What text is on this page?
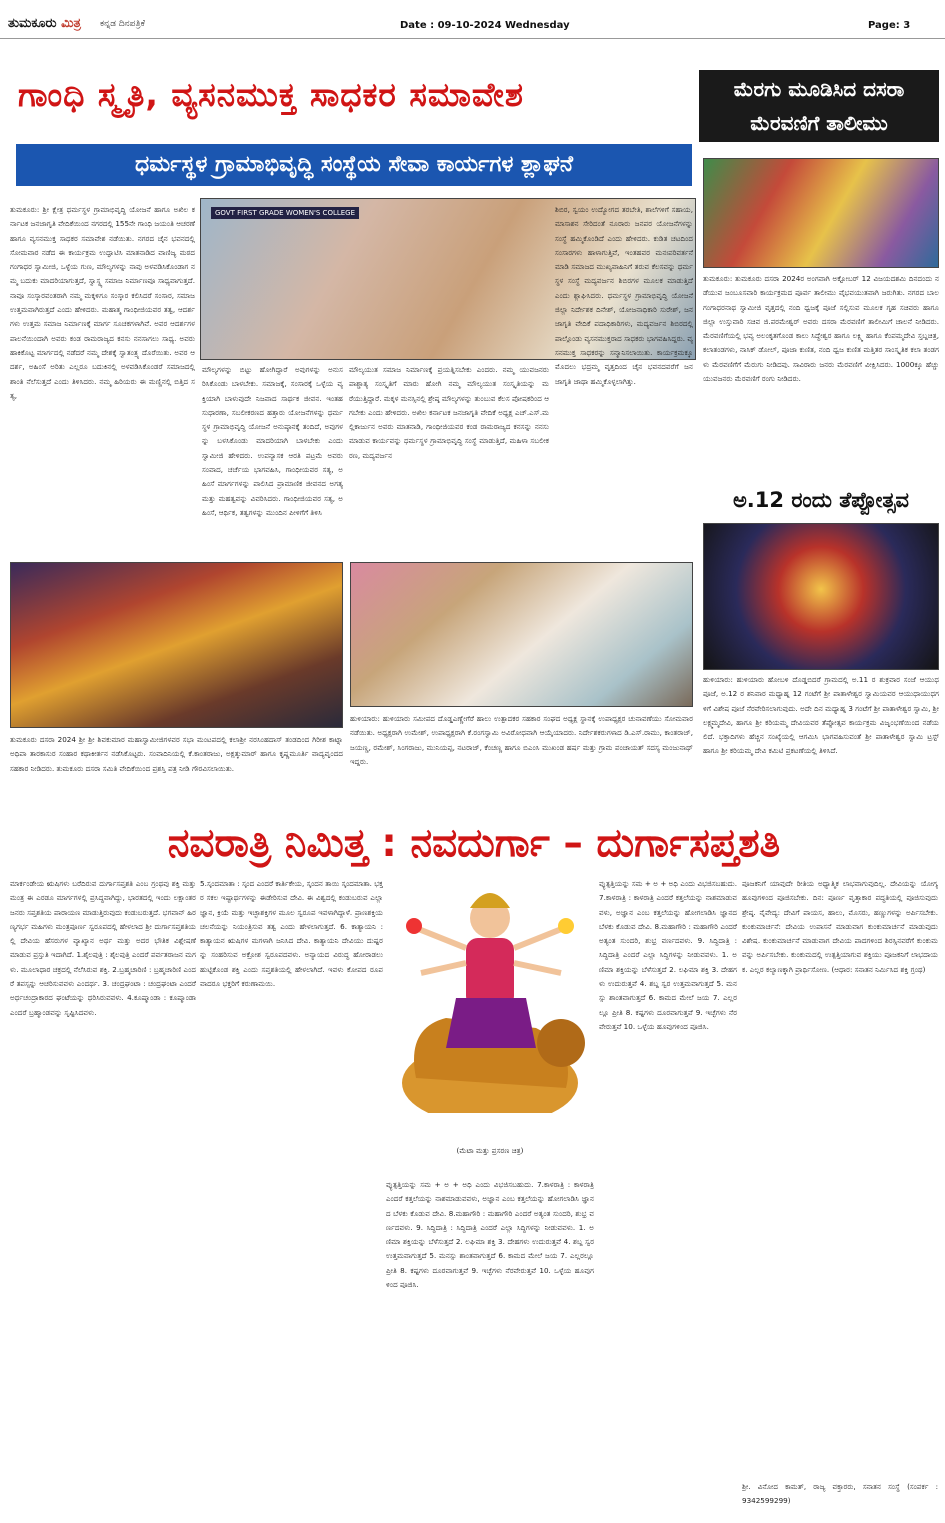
ತುಮಕೂರು ಮಿತ್ರ ಕನ್ನಡ ದಿನಪತ್ರಿಕೆ	Date : 09-10-2024 Wednesday	Page: 3
ಗಾಂಧಿ ಸ್ಮೃತಿ, ವ್ಯಸನಮುಕ್ತ ಸಾಧಕರ ಸಮಾವೇಶ
ಧರ್ಮಸ್ಥಳ ಗ್ರಾಮಾಭಿವೃದ್ಧಿ ಸಂಸ್ಥೆಯ ಸೇವಾ ಕಾರ್ಯಗಳ ಶ್ಲಾಘನೆ
ಮೆರಗು ಮೂಡಿಸಿದ ದಸರಾ
ಮೆರವಣಿಗೆ ತಾಲೀಮು
ತುಮಕೂರು: ಶ್ರೀ ಕ್ಷೇತ್ರ ಧರ್ಮಸ್ಥಳ ಗ್ರಾಮಾಭಿವೃದ್ಧಿ ಯೋಜನೆ ಹಾಗೂ ಅಖಿಲ ಕರ್ನಾಟಕ ಜನಜಾಗೃತಿ ವೇದಿಕೆಯಿಂದ ನಗರದಲ್ಲಿ 155ನೇ ಗಾಂಧಿ ಜಯಂತಿ ಆಚರಣೆ ಹಾಗೂ ವ್ಯಸನಮುಕ್ತ ಸಾಧಕರ ಸಮಾವೇಶ ನಡೆಯಿತು. ನಗರದ ಚೈನ ಭವನದಲ್ಲಿ ಸೋಮವಾರ ನಡೆದ ಈ ಕಾರ್ಯಕ್ರಮ ಉದ್ಘಾಟಿಸಿ ಮಾತನಾಡಿದ ವಾಣಿಜ್ಯ ಮಠದ ಗಂಗಾಧರ ಸ್ವಾಮೀಜಿ, ಒಳ್ಳೆಯ ಗುಣ, ಮೌಲ್ಯಗಳನ್ನು ನಾವು ಅಳವಡಿಸಿಕೊಂಡಾಗ ನಮ್ಮ ಬದುಕು ಮಾದರಿಯಾಗುತ್ತದೆ, ಸ್ವಾಸ್ಥ್ಯ ಸಮಾಜ ನಿರ್ಮಾಣವೂ ಸಾಧ್ಯವಾಗುತ್ತದೆ. ನಾವೂ ಸಂಸ್ಕಾರವಂತರಾಗಿ ನಮ್ಮ ಮಕ್ಕಳಿಗೂ ಸಂಸ್ಕಾರ ಕಲಿಸಿದರೆ ಸಂಸಾರ, ಸಮಾಜ ಉತ್ತಮವಾಗಿರುತ್ತದೆ ಎಂದು ಹೇಳಿದರು. ಮಹಾತ್ಮ ಗಾಂಧೀಜಿಯವರ ತತ್ವ, ಆದರ್ಶಗಳು ಉತ್ತಮ ಸಮಾಜ ನಿರ್ಮಾಣಕ್ಕೆ ಮಾರ್ಗ ಸೂಚಕಗಳಾಗಿವೆ. ಅವರ ಆದರ್ಶಗಳ ಪಾಲನೆಯಿಂದಾಗಿ ಅವರು ಕಂಡ ರಾಮರಾಜ್ಯದ ಕನಸು ನನಸಾಗಲು ಸಾಧ್ಯ. ಅವರು ಹಾಕಿಕೊಟ್ಟ ಮಾರ್ಗದಲ್ಲಿ ನಡೆದರೆ ನಮ್ಮ ದೇಶಕ್ಕೆ ಸ್ವಾತಂತ್ರ್ಯ ದೊರೆಯಿತು. ಅವರ ಆದರ್ಶ, ಅಹಿಂಸೆ ಅರಿತು ಎಲ್ಲರೂ ಬದುಕಿನಲ್ಲಿ ಅಳವಡಿಸಿಕೊಂಡರೆ ಸಮಾಜದಲ್ಲಿ ಶಾಂತಿ ನೆಲೆಸುತ್ತದೆ ಎಂದು ತಿಳಿಸಿದರು. ನಮ್ಮ ಹಿರಿಯರು ಈ ಮಣ್ಣಿನಲ್ಲಿ ಬಿತ್ತಿದ ಸತ್ಯ,
GOVT FIRST GRADE WOMEN'S COLLEGE
ಮೌಲ್ಯಗಳನ್ನು ಬಿಟ್ಟು ಹೋಗಿದ್ದಾರೆ ಅವುಗಳನ್ನು ಅನುಸರಿಸಿಕೊಂಡು ಬಾಳಬೇಕು. ಸಮಾಜಕ್ಕೆ, ಸಂಸಾರಕ್ಕೆ ಒಳ್ಳೆಯ ವ್ಯಕ್ತಿಯಾಗಿ ಬಾಳುವುದೇ ನಿಜವಾದ ಸಾರ್ಥಕ ಜೀವನ. ಇಂತಹ ಸುಧಾರಣಾ, ಸಬಲೀಕರಣದ ಹತ್ತಾರು ಯೋಜನೆಗಳನ್ನು ಧರ್ಮಸ್ಥಳ ಗ್ರಾಮಾಭಿವೃದ್ಧಿ ಯೋಜನೆ ಅನುಷ್ಠಾನಕ್ಕೆ ತಂದಿದೆ, ಅವುಗಳನ್ನು ಬಳಸಿಕೊಂಡು ಮಾದರಿಯಾಗಿ ಬಾಳಬೇಕು ಎಂದು ಸ್ವಾಮೀಜಿ ಹೇಳಿದರು. ಉಪನ್ಯಾಸಕ ಆರತಿ ಪಟ್ರಮೆ ಅವರು ಸಂವಾದ, ಚರ್ಚೆಯ ಭಾಗವಹಿಸಿ, ಗಾಂಧೀಯವರ ಸತ್ಯ, ಅಹಿಂಸೆ ಮಾರ್ಗಗಳನ್ನು ಪಾಲಿಸಿದ ಪ್ರಾಮಾಣಿಕ ಜೀವನದ ಅಗತ್ಯ ಮತ್ತು ಮಹತ್ವವನ್ನು ವಿವರಿಸಿದರು. ಗಾಂಧೀಜಿಯವರ ಸತ್ಯ, ಅಹಿಂಸೆ, ಆರ್ಥಿಕ, ತತ್ವಗಳನ್ನು ಮುಂದಿನ ಪೀಳಿಗೆಗೆ ತಿಳಿಸಿ
ಮೌಲ್ಯಯುತ ಸಮಾಜ ನಿರ್ಮಾಣಕ್ಕೆ ಪ್ರಯತ್ನಿಸಬೇಕು ಎಂದರು. ನಮ್ಮ ಯುವಜನರು ಪಾಶ್ಚಾತ್ಯ ಸಂಸ್ಕೃತಿಗೆ ಮಾರು ಹೋಗಿ ನಮ್ಮ ಮೌಲ್ಯಯುತ ಸಂಸ್ಕೃತಿಯನ್ನು ಮರೆಯುತ್ತಿದ್ದಾರೆ. ಮಕ್ಕಳ ಮನಸ್ಸಿನಲ್ಲಿ ಶ್ರೇಷ್ಠ ಮೌಲ್ಯಗಳನ್ನು ತುಂಬುವ ಕೆಲಸ ಪೋಷಕರಿಂದ ಆಗಬೇಕು ಎಂದು ಹೇಳಿದರು. ಅಖಿಲ ಕರ್ನಾಟಕ ಜನಜಾಗೃತಿ ವೇದಿಕೆ ಅಧ್ಯಕ್ಷ ಎಚ್.ಎಸ್.ಮಲ್ಲಿಕಾರ್ಜುನ ಅವರು ಮಾತನಾಡಿ, ಗಾಂಧೀಜಿಯವರ ಕಂಡ ರಾಮರಾಜ್ಯದ ಕನಸನ್ನು ನನಸು ಮಾಡುವ ಕಾರ್ಯವನ್ನು ಧರ್ಮಸ್ಥಳ ಗ್ರಾಮಾಭಿವೃದ್ಧಿ ಸಂಸ್ಥೆ ಮಾಡುತ್ತಿದೆ, ಮಹಿಳಾ ಸಬಲೀಕರಣ, ಮದ್ಯವರ್ಜನ
ಶಿಬಿರ, ಸ್ವಯಂ ಉದ್ಯೋಗದ ತರಬೇತಿ, ಶಾಲೆಗಳಿಗೆ ಸಹಾಯ, ಮಾಸಾಶನ ಸೇರಿದಂತೆ ನೂರಾರು ಜನಪರ ಯೋಜನೆಗಳನ್ನು ಸಂಸ್ಥೆ ಹಮ್ಮಿಕೊಂಡಿದೆ ಎಂದು ಹೇಳಿದರು. ಕುಡಿತ ಚಟದಿಂದ ಸಂಸಾರಗಳು ಹಾಳಾಗುತ್ತಿವೆ, ಇಂತಹವರ ಮನಃಪರಿವರ್ತನೆ ಮಾಡಿ ಸಮಾಜದ ಮುಖ್ಯವಾಹಿನಿಗೆ ತರುವ ಕೆಲಸವನ್ನು ಧರ್ಮಸ್ಥಳ ಸಂಸ್ಥೆ ಮದ್ಯವರ್ಜನ ಶಿಬಿರಗಳ ಮೂಲಕ ಮಾಡುತ್ತಿದೆ ಎಂದು ಶ್ಲಾಘಿಸಿದರು. ಧರ್ಮಸ್ಥಳ ಗ್ರಾಮಾಭಿವೃದ್ಧಿ ಯೋಜನೆ ಜಿಲ್ಲಾ ನಿರ್ದೇಶಕ ದಿನೇಶ್, ಯೋಜನಾಧಿಕಾರಿ ಸುರೇಶ್, ಜನಜಾಗೃತಿ ವೇದಿಕೆ ಪದಾಧಿಕಾರಿಗಳು, ಮದ್ಯವರ್ಜನ ಶಿಬಿರದಲ್ಲಿ ಪಾಲ್ಗೊಂಡು ವ್ಯಸನಮುಕ್ತರಾದ ಸಾಧಕರು ಭಾಗವಹಿಸಿದ್ದರು. ವ್ಯಸನಮುಕ್ತ ಸಾಧಕರನ್ನು ಸನ್ಮಾನಿಸಲಾಯಿತು. ಕಾರ್ಯಕ್ರಮಕ್ಕೂ ಮೊದಲು ಭದ್ರಮ್ಮ ವೃತ್ತದಿಂದ ಚೈನ ಭವನದವರೆಗೆ ಜನಜಾಗೃತಿ ಜಾಥಾ ಹಮ್ಮಿಕೊಳ್ಳಲಾಗಿತ್ತು.
ತುಮಕೂರು: ತುಮಕೂರು ದಸರಾ 2024ರ ಅಂಗವಾಗಿ ಅಕ್ಟೋಬರ್ 12 ವಿಜಯದಶಮಿ ದಿನದಂದು ನಡೆಯುವ ಜಂಬೂಸವಾರಿ ಕಾರ್ಯಕ್ರಮದ ಪೂರ್ವ ತಾಲೀಮು ವೈಭವಯುತವಾಗಿ ಜರುಗಿತು. ನಗರದ ಬಾಲಗಂಗಾಧರನಾಥ ಸ್ವಾಮೀಜಿ ವೃತ್ತದಲ್ಲಿ ನಂದಿ ಧ್ವಜಕ್ಕೆ ಪೂಜೆ ಸಲ್ಲಿಸುವ ಮೂಲಕ ಗೃಹ ಸಚಿವರು ಹಾಗೂ ಜಿಲ್ಲಾ ಉಸ್ತುವಾರಿ ಸಚಿವ ಜಿ.ಪರಮೇಶ್ವರ್ ಅವರು ದಸರಾ ಮೆರವಣಿಗೆ ತಾಲೀಮಿಗೆ ಚಾಲನೆ ನೀಡಿದರು. ಮೆರವಣಿಗೆಯಲ್ಲಿ ಭವ್ಯ ಅಲಂಕೃತಗೊಂಡ ಕಾಲು ಸಿದ್ಧೇಶ್ವರ ಹಾಗೂ ಲಕ್ಷ್ಮಿ ಹಾಗೂ ಕೆಂಪಮ್ಮದೇವಿ ಸ್ತಬ್ದಚಿತ್ರ, ಕಲಾತಂಡಗಳು, ನಾಸಿಕ್ ಡೋಲ್, ಪೂಜಾ ಕುಣಿತ, ನಂದಿ ಧ್ವಜ ಕುಣಿತ ಮತ್ತಿತರ ಸಾಂಸ್ಕೃತಿಕ ಕಲಾ ತಂಡಗಳು ಮೆರವಣಿಗೆಗೆ ಮೆರುಗು ನೀಡಿದವು. ಸಾವಿರಾರು ಜನರು ಮೆರವಣಿಗೆ ವೀಕ್ಷಿಸಿದರು. 1000ಕ್ಕೂ ಹೆಚ್ಚು ಯುವಜನರು ಮೆರವಣಿಗೆ ರಂಗು ನೀಡಿದರು.
ಅ.12 ರಂದು ತೆಪ್ಪೋತ್ಸವ
ಹುಳಿಯಾರು: ಹುಳಿಯಾರು ಹೋಬಳಿ ದೊಡ್ಡಬಿದರೆ ಗ್ರಾಮದಲ್ಲಿ ಅ.11 ರ ಶುಕ್ರವಾರ ಸಂಜೆ ಆಯುಧ ಪೂಜೆ, ಅ.12 ರ ಶನಿವಾರ ಮಧ್ಯಾಹ್ನ 12 ಗಂಟೆಗೆ ಶ್ರೀ ಪಾತಾಳೇಶ್ವರ ಸ್ವಾಮಿಯವರ ಆಯುಧಾಯುಧಗಳಿಗೆ ವಿಶೇಷ ಪೂಜೆ ನೆರವೇರಿಸಲಾಗುವುದು. ಅದೇ ದಿನ ಮಧ್ಯಾಹ್ನ 3 ಗಂಟೆಗೆ ಶ್ರೀ ಪಾತಾಳೇಶ್ವರ ಸ್ವಾಮಿ, ಶ್ರೀ ಲಕ್ಷ್ಮಮ್ಮದೇವಿ, ಹಾಗೂ ಶ್ರೀ ಕರಿಯಮ್ಮ ದೇವಿಯವರ ತೆಪ್ಪೋತ್ಸವ ಕಾರ್ಯಕ್ರಮ ವಿಜೃಂಭಣೆಯಿಂದ ನಡೆಯಲಿದೆ. ಭಕ್ತಾದಿಗಳು ಹೆಚ್ಚಿನ ಸಂಖ್ಯೆಯಲ್ಲಿ ಆಗಮಿಸಿ ಭಾಗವಹಿಸುವಂತೆ ಶ್ರೀ ಪಾತಾಳೇಶ್ವರ ಸ್ವಾಮಿ ಟ್ರಸ್ಟ್ ಹಾಗೂ ಶ್ರೀ ಕರಿಯಮ್ಮ ದೇವಿ ಕಮಿಟಿ ಪ್ರಕಟಣೆಯಲ್ಲಿ ತಿಳಿಸಿದೆ.
ತುಮಕೂರು ದಸರಾ 2024 ಶ್ರೀ ಶ್ರೀ ಶಿವಕುಮಾರ ಮಹಾಸ್ವಾಮೀಜಿಗಳವರ ಸಭಾ ಮಂಟಪದಲ್ಲಿ ಕಲಾಶ್ರೀ ನರಸಿಂಹದಾಸ್ ತಂಡದಿಂದ ಗಿರೀಶ ಕಾಟ್ನಾ ಅಧಿಪಾ ತಾರಕಾಸುರ ಸಂಹಾರ ಕಥಾಕೀರ್ತನ ನಡೆಸಿಕೊಟ್ಟರು. ಸಂವಾದಿನಿಯಲ್ಲಿ ಕೆ.ಕಾಂತರಾಜು, ಅಕ್ಷತ್ಕುಮಾರ್ ಹಾಗೂ ಕೃಷ್ಣಮೂರ್ತಿ ವಾದ್ಯವೃಂದದ ಸಹಕಾರ ನೀಡಿದರು. ತುಮಕೂರು ದಸರಾ ಸಮಿತಿ ವೇದಿಕೆಯಿಂದ ಪ್ರಶಸ್ತಿ ಪತ್ರ ನೀಡಿ ಗೌರವಿಸಲಾಯಿತು.
ಹುಳಿಯಾರು: ಹುಳಿಯಾರು ಸಮೀಪದ ದೊಡ್ಡಎಣ್ಣೇಗೆರೆ ಹಾಲು ಉತ್ಪಾದಕರ ಸಹಕಾರ ಸಂಘದ ಅಧ್ಯಕ್ಷ ಸ್ಥಾನಕ್ಕೆ ಉಪಾಧ್ಯಕ್ಷರ ಚುನಾವಣೆಯು ಸೋಮವಾರ ನಡೆಯಿತು. ಅಧ್ಯಕ್ಷರಾಗಿ ಉಮೇಶ್, ಉಪಾಧ್ಯಕ್ಷರಾಗಿ ಕೆ.ರಂಗಸ್ವಾಮಿ ಅವಿರೋಧವಾಗಿ ಆಯ್ಕೆಯಾದರು. ನಿರ್ದೇಶಕರುಗಳಾದ ಡಿ.ಎಸ್.ರಾಮು, ಕಾಂತರಾಜ್, ಜಯಣ್ಣ, ರಮೇಶ್, ಸಿಂಗರಾಜು, ಮುನಿಯಪ್ಪ, ನಟರಾಜ್, ಕೆಂಚಣ್ಣ ಹಾಗೂ ಬಿಎಂಸಿ ಮುಖಂಡ ಹರ್ಷ ಮತ್ತು ಗ್ರಾಮ ಪಂಚಾಯತ್ ಸದಸ್ಯ ಮಂಜುನಾಥ್ ಇದ್ದರು.
ನವರಾತ್ರಿ ನಿಮಿತ್ತ : ನವದುರ್ಗಾ – ದುರ್ಗಾಸಪ್ತಶತಿ
ಮಾರ್ಕಂಡೇಯ ಋಷಿಗಳು ಬರೆದಿರುವ ದುರ್ಗಾಸಪ್ತಶತಿ ಎಂಬ ಗ್ರಂಥವು ಶಕ್ತಿ ಮತ್ತು ಮಂತ್ರ ಈ ಎರಡೂ ಮಾರ್ಗಗಳಲ್ಲಿ ಪ್ರಸಿದ್ಧವಾಗಿದ್ದು, ಭಾರತದಲ್ಲಿ ಇಂದು ಲಕ್ಷಾಂತರ ಜನರು ಸಪ್ತಶತಿಯ ಪಾರಾಯಣ ಮಾಡುತ್ತಿರುವುದು ಕಂಡುಬರುತ್ತದೆ. ಭಗವಾನ್ ಹಿರಣ್ಯಗರ್ಭ ಮಹಿಗಳು ಮಂತ್ರಪೂರ್ಣ ಸ್ವರೂಪದಲ್ಲಿ ಹೇಳಲಾದ ಶ್ರೀ ದುರ್ಗಾಸಪ್ತಶತಿಯಲ್ಲಿ ದೇವಿಯ ಹೆಸರುಗಳ ವ್ಯಾಖ್ಯಾನ ಅರ್ಥ ಮತ್ತು ಅದರ ಭೌತಿಕ ವಿಶ್ಲೇಷಣೆ ಮಾಡುವ ಪ್ರಸ್ತುತಿ ಇದಾಗಿದೆ. 1.ಶೈಲಪುತ್ರಿ : ಶೈಲಪುತ್ರಿ ಎಂದರೆ ಪರ್ವತರಾಜನ ಮಗಳು. ಮೂಲಾಧಾರ ಚಕ್ರದಲ್ಲಿ ನೆಲೆಸಿರುವ ಶಕ್ತಿ. 2.ಬ್ರಹ್ಮಚಾರಿಣಿ : ಬ್ರಹ್ಮಚಾರಿಣಿ ಎಂದರೆ ತಪಸ್ಸನ್ನು ಆಚರಿಸುವವಳು ಎಂದರ್ಥ. 3. ಚಂದ್ರಘಂಟಾ : ಚಂದ್ರಘಂಟಾ ಎಂದರೆ ಅರ್ಧಚಂದ್ರಾಕಾರದ ಘಂಟೆಯನ್ನು ಧರಿಸಿರುವವಳು. 4.ಕೂಷ್ಮಾಂಡಾ : ಕೂಷ್ಮಾಂಡಾ ಎಂದರೆ ಬ್ರಹ್ಮಾಂಡವನ್ನು ಸೃಷ್ಟಿಸಿದವಳು.
5.ಸ್ಕಂದಮಾತಾ : ಸ್ಕಂದ ಎಂದರೆ ಕಾರ್ತಿಕೇಯ, ಸ್ಕಂದನ ತಾಯಿ ಸ್ಕಂದಮಾತಾ. ಭಕ್ತರ ಸಕಲ ಇಷ್ಟಾರ್ಥಗಳನ್ನು ಈಡೇರಿಸುವ ದೇವಿ. ಈ ವಿಶ್ವದಲ್ಲಿ ಕಂಡುಬರುವ ಎಲ್ಲಾ ಜ್ಞಾನ, ಕ್ರಿಯೆ ಮತ್ತು ಇಚ್ಛಾಶಕ್ತಿಗಳ ಮೂಲ ಸ್ವರೂಪ ಇವಳಾಗಿದ್ದಾಳೆ. ಪ್ರಾಣಶಕ್ತಿಯ ಚಲನೆಯನ್ನು ನಿಯಂತ್ರಿಸುವ ತತ್ವ ಎಂದು ಹೇಳಲಾಗುತ್ತದೆ. 6. ಕಾತ್ಯಾಯನಿ : ಕಾತ್ಯಾಯನ ಋಷಿಗಳ ಮಗಳಾಗಿ ಜನಿಸಿದ ದೇವಿ. ಕಾತ್ಯಾಯನಿ ದೇವಿಯು ದುಷ್ಟರನ್ನು ಸಂಹರಿಸುವ ಅಕ್ರೋಶ ಸ್ವರೂಪದವಳು. ಅನ್ಯಾಯದ ವಿರುದ್ಧ ಹೋರಾಡಲು ಹುಟ್ಟಿಕೊಂಡ ಶಕ್ತಿ ಎಂದು ಸಪ್ತಶತಿಯಲ್ಲಿ ಹೇಳಲಾಗಿದೆ. ಇವಳು ಕೋಪದ ರೂಪವಾದರೂ ಭಕ್ತರಿಗೆ ಕರುಣಾಮಯಿ.
(ಮೆಟಾ ಮತ್ತು ಪ್ರಸರಣ ಚಿತ್ರ)
ವ್ಯುತ್ಪತ್ತಿಯನ್ನು ಸಮ + ಅ + ಅಧಿ ಎಂದು ವಿಭಜಿಸಬಹುದು. 7.ಕಾಳರಾತ್ರಿ : ಕಾಳರಾತ್ರಿ ಎಂದರೆ ಕತ್ತಲೆಯನ್ನು ನಾಶಮಾಡುವವಳು, ಅಜ್ಞಾನ ಎಂಬ ಕತ್ತಲೆಯನ್ನು ಹೋಗಲಾಡಿಸಿ ಜ್ಞಾನದ ಬೆಳಕು ಕೊಡುವ ದೇವಿ. 8.ಮಹಾಗೌರಿ : ಮಹಾಗೌರಿ ಎಂದರೆ ಅತ್ಯಂತ ಸುಂದರಿ, ಶುಭ್ರ ವರ್ಣದವಳು. 9. ಸಿದ್ಧಿದಾತ್ರಿ : ಸಿದ್ಧಿದಾತ್ರಿ ಎಂದರೆ ಎಲ್ಲಾ ಸಿದ್ಧಿಗಳನ್ನು ನೀಡುವವಳು. 1. ಅಣಿಮಾ ಶಕ್ತಿಯನ್ನು ಬೆಳೆಸುತ್ತದೆ 2. ಲಘಿಮಾ ಶಕ್ತಿ 3. ದೇಹಗಳು ಉದುರುತ್ತವೆ 4. ಶಬ್ದ ಸ್ವರ ಉತ್ತಮವಾಗುತ್ತದೆ 5. ಮನಸ್ಸು ಶಾಂತವಾಗುತ್ತದೆ 6. ಕಾಮದ ಮೇಲೆ ಜಯ 7. ಎಲ್ಲರಲ್ಲೂ ಪ್ರೀತಿ 8. ಕಷ್ಟಗಳು ದೂರವಾಗುತ್ತವೆ 9. ಇಚ್ಛೆಗಳು ನೆರವೇರುತ್ತವೆ 10. ಒಳ್ಳೆಯ ಹೂವುಗಳಿಂದ ಪೂಜಿಸಿ.
ವ್ಯುತ್ಪತ್ತಿಯನ್ನು ಸಮ + ಅ + ಅಧಿ ಎಂದು ವಿಭಜಿಸಬಹುದು. 7.ಕಾಳರಾತ್ರಿ : ಕಾಳರಾತ್ರಿ ಎಂದರೆ ಕತ್ತಲೆಯನ್ನು ನಾಶಮಾಡುವವಳು, ಅಜ್ಞಾನ ಎಂಬ ಕತ್ತಲೆಯನ್ನು ಹೋಗಲಾಡಿಸಿ ಜ್ಞಾನದ ಬೆಳಕು ಕೊಡುವ ದೇವಿ. 8.ಮಹಾಗೌರಿ : ಮಹಾಗೌರಿ ಎಂದರೆ ಅತ್ಯಂತ ಸುಂದರಿ, ಶುಭ್ರ ವರ್ಣದವಳು. 9. ಸಿದ್ಧಿದಾತ್ರಿ : ಸಿದ್ಧಿದಾತ್ರಿ ಎಂದರೆ ಎಲ್ಲಾ ಸಿದ್ಧಿಗಳನ್ನು ನೀಡುವವಳು. 1. ಅಣಿಮಾ ಶಕ್ತಿಯನ್ನು ಬೆಳೆಸುತ್ತದೆ 2. ಲಘಿಮಾ ಶಕ್ತಿ 3. ದೇಹಗಳು ಉದುರುತ್ತವೆ 4. ಶಬ್ದ ಸ್ವರ ಉತ್ತಮವಾಗುತ್ತದೆ 5. ಮನಸ್ಸು ಶಾಂತವಾಗುತ್ತದೆ 6. ಕಾಮದ ಮೇಲೆ ಜಯ 7. ಎಲ್ಲರಲ್ಲೂ ಪ್ರೀತಿ 8. ಕಷ್ಟಗಳು ದೂರವಾಗುತ್ತವೆ 9. ಇಚ್ಛೆಗಳು ನೆರವೇರುತ್ತವೆ 10. ಒಳ್ಳೆಯ ಹೂವುಗಳಿಂದ ಪೂಜಿಸಿ.
ಪೂಜಕನಿಗೆ ಯಾವುದೇ ರೀತಿಯ ಅಧ್ಯಾತ್ಮಿಕ ಲಾಭವಾಗುವುದಿಲ್ಲ. ದೇವಿಯನ್ನು ಯೋಗ್ಯ ಹೂವುಗಳಿಂದ ಪೂಜಿಸಬೇಕು. ದಿನ: ಪೂರ್ಣ ವೃತ್ತಾಕಾರ ಪದ್ಧತಿಯಲ್ಲಿ ಪೂಜಿಸುವುದು ಶ್ರೇಷ್ಠ. ನೈವೇದ್ಯ: ದೇವಿಗೆ ಪಾಯಸ, ಹಾಲು, ಮೊಸರು, ಹಣ್ಣುಗಳನ್ನು ಅರ್ಪಿಸಬೇಕು. ಕುಂಕುಮಾರ್ಚನೆ: ದೇವಿಯ ಉಪಾಸನೆ ಮಾಡುವಾಗ ಕುಂಕುಮಾರ್ಚನೆ ಮಾಡುವುದು ವಿಶೇಷ. ಕುಂಕುಮಾರ್ಚನೆ ಮಾಡುವಾಗ ದೇವಿಯ ಪಾದಗಳಿಂದ ಶಿರಸ್ಸಿನವರೆಗೆ ಕುಂಕುಮವನ್ನು ಅರ್ಪಿಸಬೇಕು. ಕುಂಕುಮದಲ್ಲಿ ಉತ್ಪತ್ತಿಯಾಗುವ ಶಕ್ತಿಯು ಪೂಜಕನಿಗೆ ಲಾಭದಾಯಕ. ಎಲ್ಲರ ಕಲ್ಯಾಣಕ್ಕಾಗಿ ಪ್ರಾರ್ಥಿಸೋಣ. (ಆಧಾರ: ಸನಾತನ ನಿರ್ಮಿಸಿದ ಶಕ್ತಿ ಗ್ರಂಥ)
ಶ್ರೀ. ವಿನೋದ ಕಾಮತ್, ರಾಜ್ಯ ವಕ್ತಾರರು, ಸನಾತನ ಸಂಸ್ಥೆ (ಸಂಪರ್ಕ : 9342599299)
